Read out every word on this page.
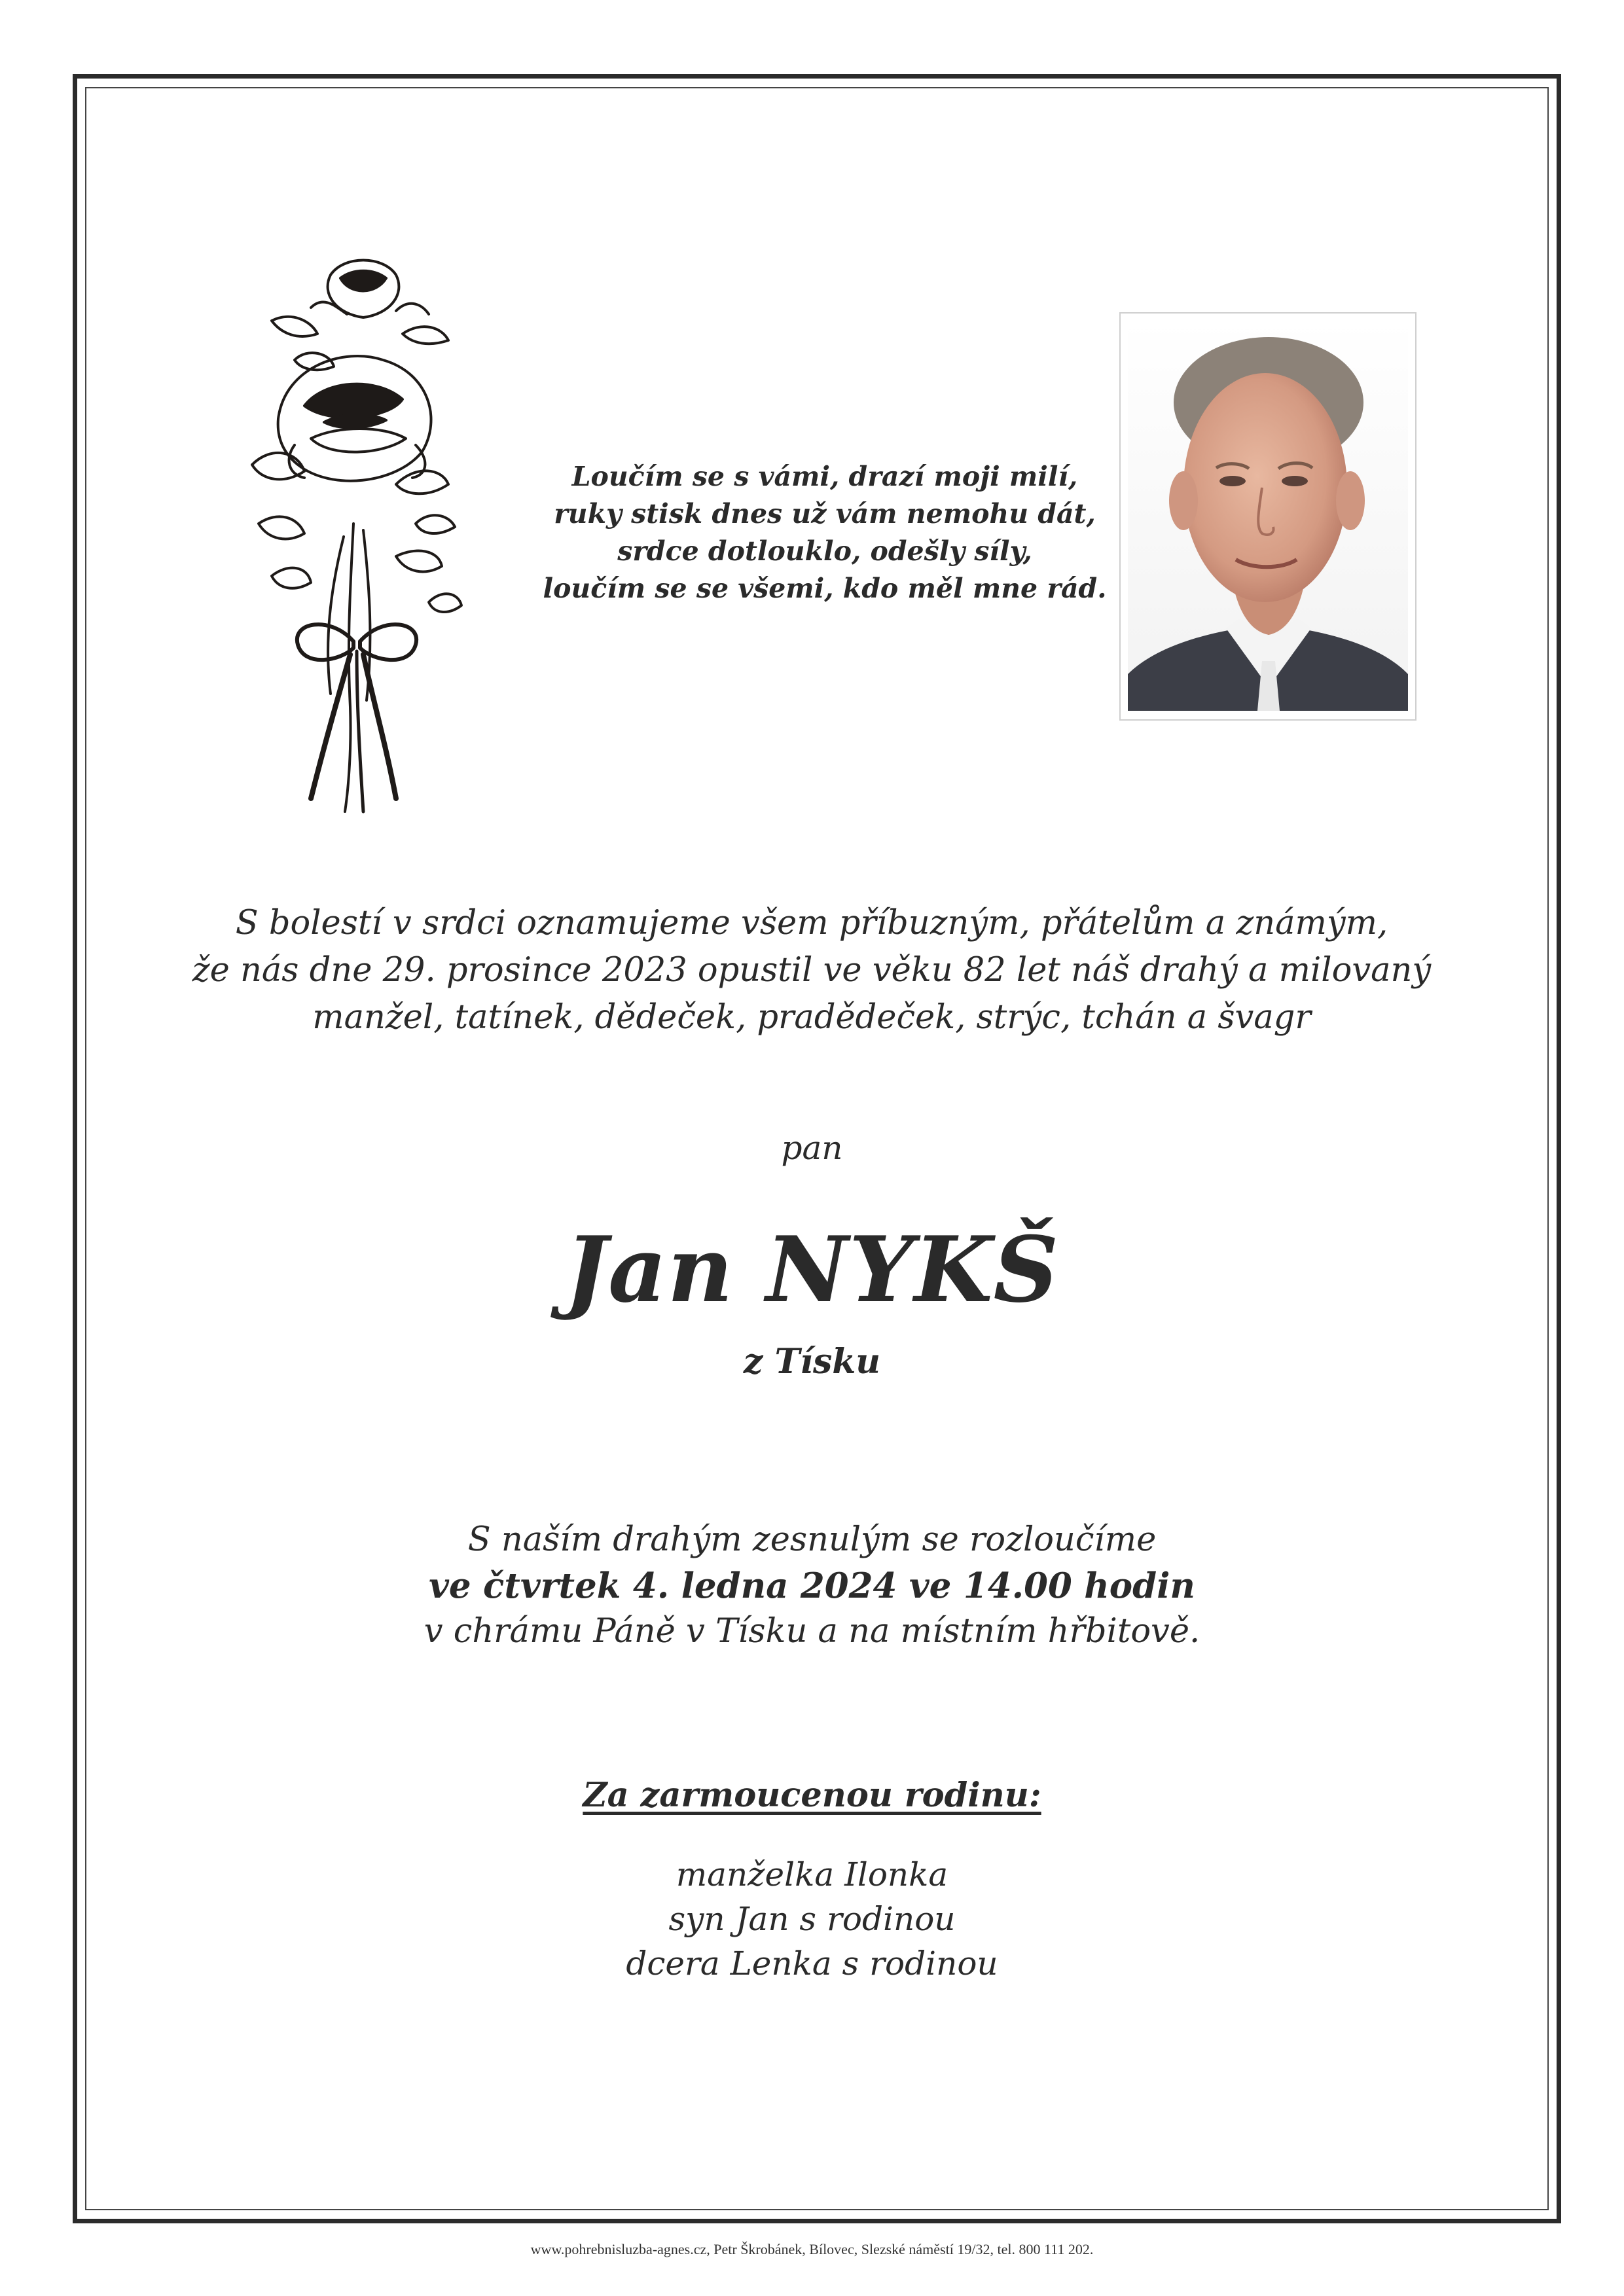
Loučím se s vámi, drazí moji milí,
ruky stisk dnes už vám nemohu dát,
srdce dotlouklo, odešly síly,
loučím se se všemi, kdo měl mne rád.
S bolestí v srdci oznamujeme všem příbuzným, přátelům a známým,
že nás dne 29. prosince 2023 opustil ve věku 82 let náš drahý a milovaný
manžel, tatínek, dědeček, pradědeček, strýc, tchán a švagr
pan
Jan NYKŠ
z Tísku
S naším drahým zesnulým se rozloučíme
ve čtvrtek 4. ledna 2024 ve 14.00 hodin
v chrámu Páně v Tísku a na místním hřbitově.
Za zarmoucenou rodinu:
manželka Ilonka
syn Jan s rodinou
dcera Lenka s rodinou
www.pohrebnisluzba-agnes.cz, Petr Škrobánek, Bílovec, Slezské náměstí 19/32, tel. 800 111 202.
